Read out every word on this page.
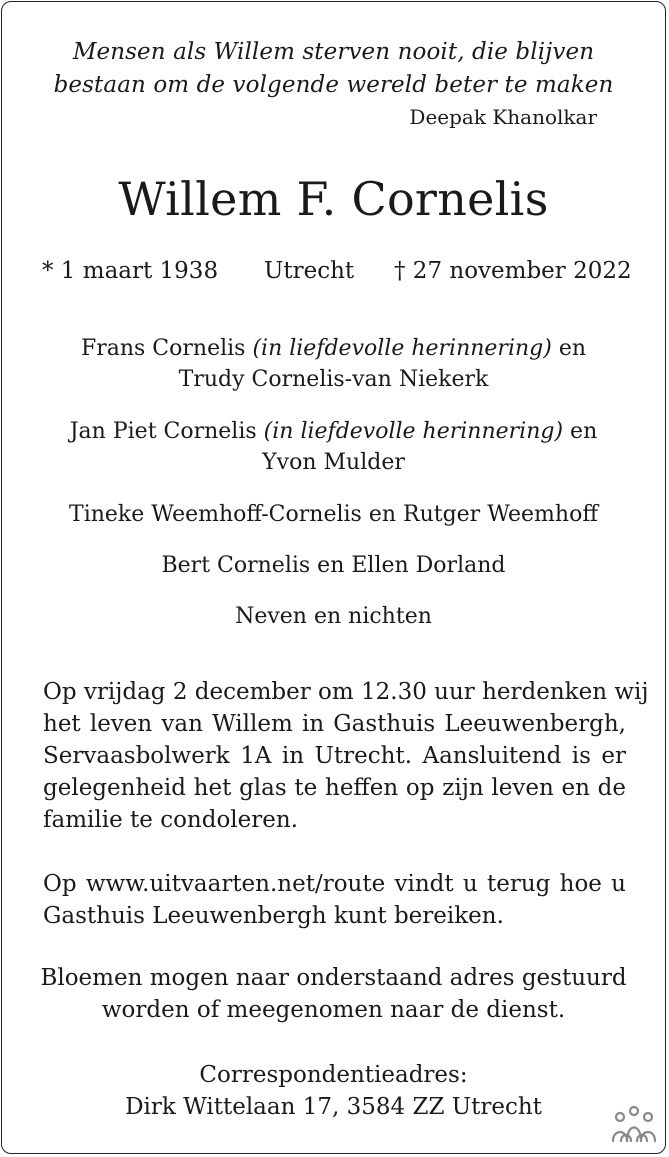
Mensen als Willem sterven nooit, die blijven
bestaan om de volgende wereld beter te maken
Deepak Khanolkar
Willem F. Cornelis
* 1 maart 1938 Utrecht † 27 november 2022
Frans Cornelis (in liefdevolle herinnering) en
Trudy Cornelis-van Niekerk
Jan Piet Cornelis (in liefdevolle herinnering) en
Yvon Mulder
Tineke Weemhoff-Cornelis en Rutger Weemhoff
Bert Cornelis en Ellen Dorland
Neven en nichten
Op vrijdag 2 december om 12.30 uur herdenken wij
het leven van Willem in Gasthuis Leeuwenbergh,
Servaasbolwerk 1A in Utrecht. Aansluitend is er
gelegenheid het glas te heffen op zijn leven en de
familie te condoleren.
Op www.uitvaarten.net/route vindt u terug hoe u
Gasthuis Leeuwenbergh kunt bereiken.
Bloemen mogen naar onderstaand adres gestuurd
worden of meegenomen naar de dienst.
Correspondentieadres:
Dirk Wittelaan 17, 3584 ZZ Utrecht
